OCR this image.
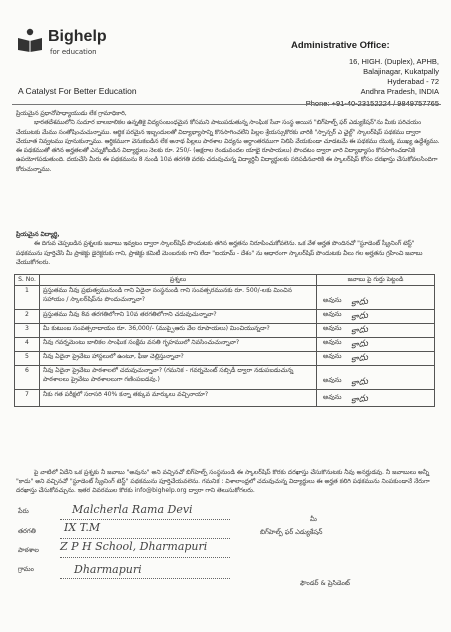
Bighelp
for education
A Catalyst For Better Education
Administrative Office:
16, HIGH. (Duplex), APHB,
Balajinagar, Kukatpally
Hyderabad - 72
Andhra Pradesh, INDIA
Phone: +91-40-23152224 / 9849757765
ప్రియమైన ప్రధానోపాధ్యాయుడు లేక గ్రామాధికారి,
భారతదేశములోని సుదూర బాలబాలికల ఉన్నతికై విద్యసంబంధమైన కోసమని పాటుపడుతున్న సాంఘిక సేవా సంస్థ అయిన "బిగ్‌హెల్ప్ ఫర్ ఎడ్యుకేషన్"ను మీకు పరిచయం చేయుటకు మేము సంతోషించుచున్నాము. ఆర్థిక పరమైన ఇబ్బందులతో విద్యాభ్యాసాన్ని కొనసాగించలేని పిల్లల శ్రేయస్సుకొరకు వారికి "స్పాన్సర్ ఎ ఛైల్డ్" స్కాలర్‌షిప్ పథకము ద్వారా చేయూత నివ్వటము పూనుకున్నాము. ఆర్థికముగా వెనుకబడిన లేక అనాథ పిల్లలు పాఠశాల విద్యను అర్థాంతరముగా నిలిపి వేయకుండా చూడటమే ఈ పథకము యొక్క ముఖ్య ఉద్దేశ్యము. ఈ పథకముతో తగిన అర్హతలతో ఎన్నుకోబడిన విద్యార్థులు నెలకు రూ. 250/- (అక్షరాల రెండువందల యాభై రూపాయలు) పొందటం ద్వారా వారి విద్యాభ్యాసం కొనసాగించడానికి ఉపయోగపడుతుంది. దయచేసి మీరు ఈ పథకమును 8 నుండి 10వ తరగతి వరకు చదువుచున్న విద్యార్థినీ విద్యార్థులకు సరిపడినవారికి ఈ స్కాలర్‌షిప్ కోసం దరఖాస్తు చేసుకోవలసిందిగా కోరుచున్నాము.
ప్రియమైన విద్యార్థి,
ఈ దిగువ చెప్పబడిన ప్రశ్నలకు జవాబు ఇవ్వటం ద్వారా స్కాలర్‌షిప్ పొందుటకు తగిన అర్హతను నిరూపించుకోవలెను. ఒక వేళ అర్హత పొందినచో "స్టూడెంట్ స్క్రీనింగ్ టెస్ట్" పథకమును పూర్తిచేసి మీ ప్రాజెక్టు డైరెక్టరుకు గాని, ప్రాజెక్టు కమిటీ మెంబరుకు గాని లేదా "ఐయామ్ - దేశం" ను ఆధారంగా స్కాలర్‌షిప్ పొందుటకు వీలు గల అర్హతను గ్రహించి జవాబు చేయుకోగలరు.
S. No.	ప్రశ్నలు	జవాబు పై గుర్తు పెట్టండి
1	ప్రస్తుతము నీవు ప్రభుత్వమునుండి గాని ఏదైనా సంస్థనుండి గాని సంవత్సరమునకు రూ. 500/-లకు మించిన సహాయం / స్కాలర్‌షిప్‌ను పొందుచున్నావా?	అవును కాదు

2	ప్రస్తుతము నీవు 8వ తరగతిలోగాని 10వ తరగతిలోగాని చదువుచున్నావా?	అవును కాదు

3	మీ కుటుంబ సంవత్సరాదాయం రూ. 36,000/- (ముప్పైఆరు వేల రూపాయలు) మించియున్నదా?	అవును కాదు

4	నీవు గవర్నమెంటు బాలికల సాంఘిక సంక్షేమ వసతి గృహములో నివసించుచున్నావా?	అవును కాదు

5	నీవు ఏదైనా ప్రైవేటు హాస్టలులో ఉంటూ, ఫీజు చెల్లిస్తున్నావా?	అవును కాదు

6	నీవు ఏదైనా ప్రైవేటు పాఠశాలలో చదువుచున్నావా? (గమనిక - గవర్నమెంట్ సబ్సిడీ ద్వారా నడుపబడుచున్న పాఠశాలలు ప్రైవేటు పాఠశాలలుగా గణింపబడవు.)	అవును కాదు

7	నీకు గత పరీక్షలో సరాసరి 40% కన్నా తక్కువ మార్కులు వచ్చినాయా?	అవును కాదు
పై వాటిలో ఏదేని ఒక ప్రశ్నకు నీ జవాబు "అవును" అని వచ్చినచో బిగ్‌హెల్ప్ సంస్థనుండి ఈ స్కాలర్‌షిప్ కొరకు దరఖాస్తు చేసుకొనుటకు నీవు అనర్హుడవు. నీ జవాబులు అన్నీ "కాదు" అని వచ్చినచో "స్టూడెంట్ స్క్రీనింగ్ టెస్ట్" పథకమును పూర్తిచేయవలెను. గమనిక : విశాలాంధ్రలో చదువుచున్న విద్యార్థులు ఈ అర్హత కలిగి పథకమును నింపకుండానే నేరుగా దరఖాస్తు చేసుకోవచ్చును. ఇతర వివరముల కొరకు info@bighelp.org ద్వారా గాని తెలుసుకోగలరు.
పేరు	Malcherla Rama Devi
తరగతి	IX T.M
పాఠశాల Z P H School, Dharmapuri
గ్రామం	Dharmapuri
మీ
బిగ్‌హెల్ప్ ఫర్ ఎడ్యుకేషన్
ఫౌండర్ & ప్రెసిడెంట్
